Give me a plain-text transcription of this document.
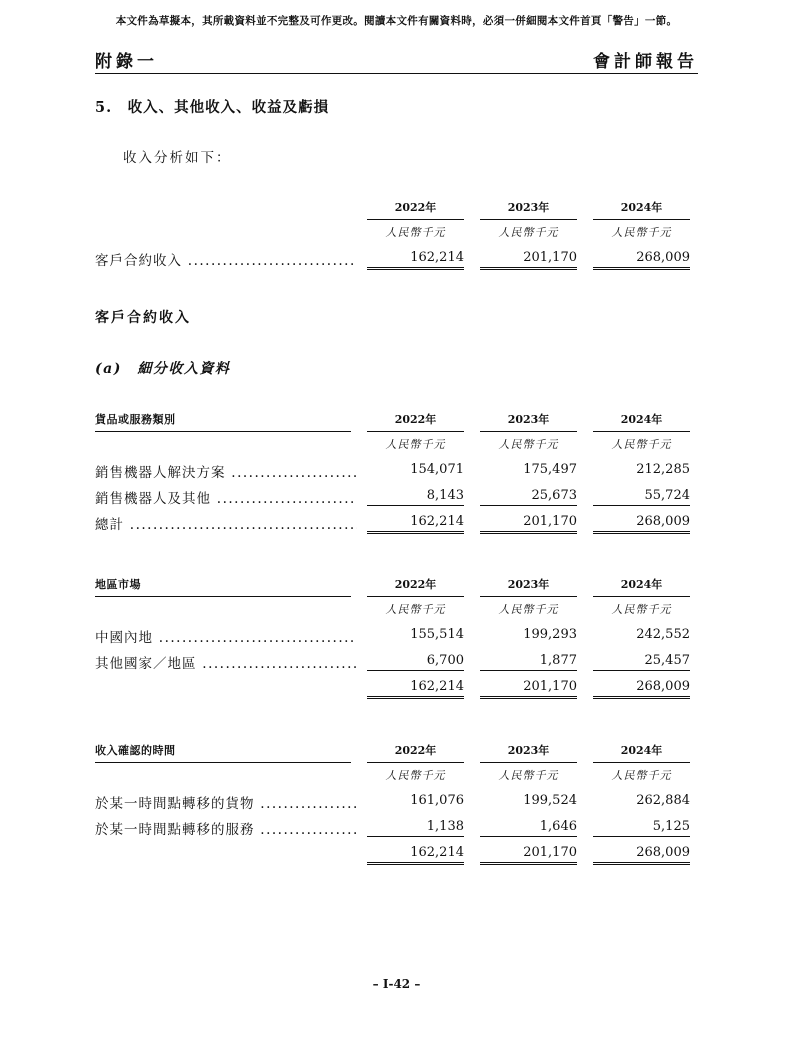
本文件為草擬本，其所載資料並不完整及可作更改。閱讀本文件有關資料時，必須一併細閱本文件首頁「警告」一節。
附錄一	會計師報告
5.　收入、其他收入、收益及虧損
收入分析如下：
2022年	2023年	2024年
人民幣千元	人民幣千元	人民幣千元
客戶合約收入 .....	162,214	201,170	268,009
客戶合約收入
(a)　細分收入資料
貨品或服務類別	2022年	2023年	2024年
人民幣千元	人民幣千元	人民幣千元
銷售機器人解決方案 .....	154,071	175,497	212,285
銷售機器人及其他 .....	8,143	25,673	55,724
總計 .....	162,214	201,170	268,009
地區市場	2022年	2023年	2024年
人民幣千元	人民幣千元	人民幣千元
中國內地 .....	155,514	199,293	242,552
其他國家／地區 .....	6,700	1,877	25,457
162,214	201,170	268,009
收入確認的時間	2022年	2023年	2024年
人民幣千元	人民幣千元	人民幣千元
於某一時間點轉移的貨物 .....	161,076	199,524	262,884
於某一時間點轉移的服務 .....	1,138	1,646	5,125
162,214	201,170	268,009
– I-42 –
